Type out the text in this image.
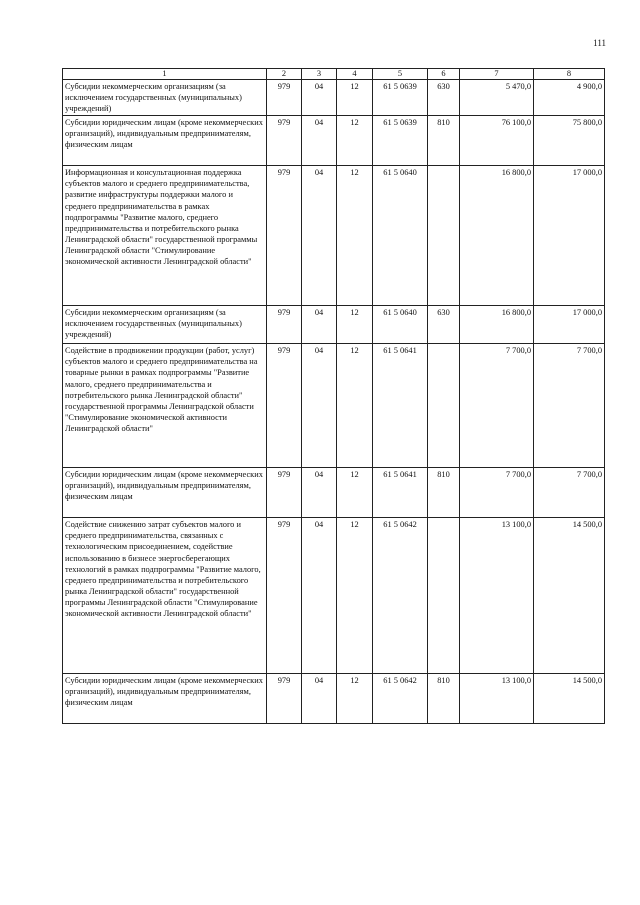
111
1	2	3	4	5	6	7	8
Субсидии некоммерческим организациям (за исключением государственных (муниципальных) учреждений)	979	04	12	61 5 0639	630	5 470,0	4 900,0
Субсидии юридическим лицам (кроме некоммерческих организаций), индивидуальным предпринимателям, физическим лицам	979	04	12	61 5 0639	810	76 100,0	75 800,0
Информационная и консультационная поддержка субъектов малого и среднего предпринимательства, развитие инфраструктуры поддержки малого и среднего предпринимательства в рамках подпрограммы "Развитие малого, среднего предпринимательства и потребительского рынка Ленинградской области" государственной программы Ленинградской области "Стимулирование экономической активности Ленинградской области"	979	04	12	61 5 0640		16 800,0	17 000,0
Субсидии некоммерческим организациям (за исключением государственных (муниципальных) учреждений)	979	04	12	61 5 0640	630	16 800,0	17 000,0
Содействие в продвижении продукции (работ, услуг) субъектов малого и среднего предпринимательства на товарные рынки в рамках подпрограммы "Развитие малого, среднего предпринимательства и потребительского рынка Ленинградской области" государственной программы Ленинградской области "Стимулирование экономической активности Ленинградской области"	979	04	12	61 5 0641		7 700,0	7 700,0
Субсидии юридическим лицам (кроме некоммерческих организаций), индивидуальным предпринимателям, физическим лицам	979	04	12	61 5 0641	810	7 700,0	7 700,0
Содействие снижению затрат субъектов малого и среднего предпринимательства, связанных с технологическим присоединением, содействие использованию в бизнесе энергосберегающих технологий в рамках подпрограммы "Развитие малого, среднего предпринимательства и потребительского рынка Ленинградской области" государственной программы Ленинградской области "Стимулирование экономической активности Ленинградской области"	979	04	12	61 5 0642		13 100,0	14 500,0
Субсидии юридическим лицам (кроме некоммерческих организаций), индивидуальным предпринимателям, физическим лицам	979	04	12	61 5 0642	810	13 100,0	14 500,0
